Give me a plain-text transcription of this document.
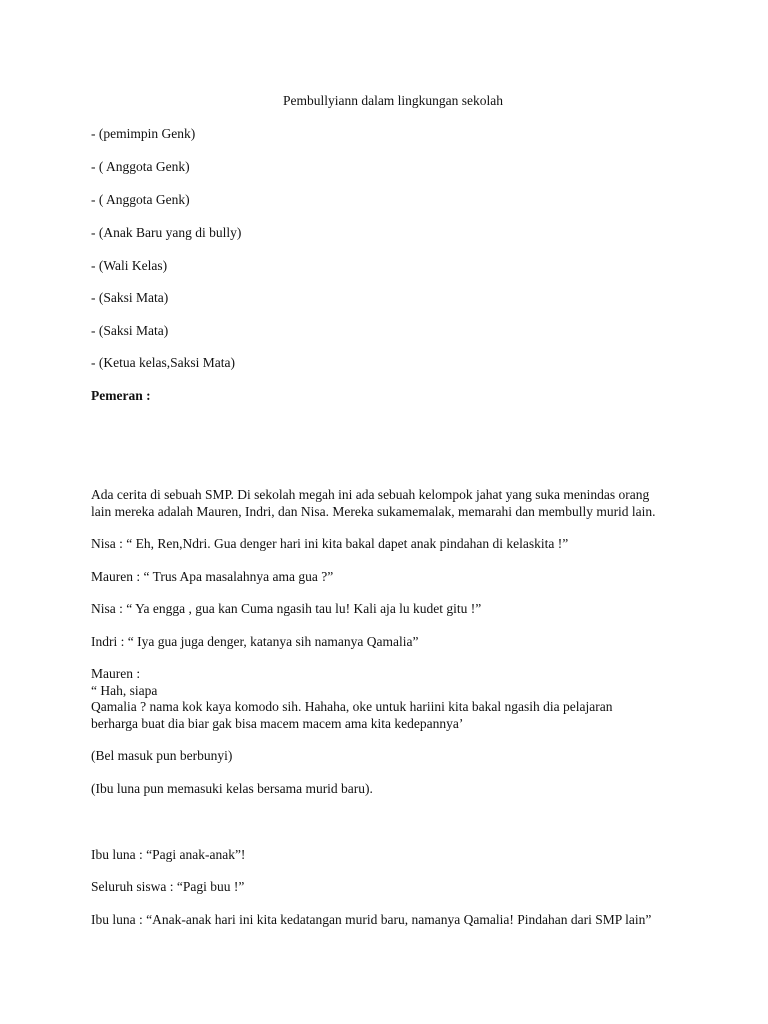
Pembullyiann dalam lingkungan sekolah
- (pemimpin Genk)
- ( Anggota Genk)
- ( Anggota Genk)
- (Anak Baru yang di bully)
- (Wali Kelas)
- (Saksi Mata)
- (Saksi Mata)
- (Ketua kelas,Saksi Mata)
Pemeran :
Ada cerita di sebuah SMP. Di sekolah megah ini ada sebuah kelompok jahat yang suka menindas orang
lain mereka adalah Mauren, Indri, dan Nisa. Mereka sukamemalak, memarahi dan membully murid lain.
Nisa : “ Eh, Ren,Ndri. Gua denger hari ini kita bakal dapet anak pindahan di kelaskita !”
Mauren : “ Trus Apa masalahnya ama gua ?”
Nisa : “ Ya engga , gua kan Cuma ngasih tau lu! Kali aja lu kudet gitu !”
Indri : “ Iya gua juga denger, katanya sih namanya Qamalia”
Mauren :
“ Hah, siapa
Qamalia ? nama kok kaya komodo sih. Hahaha, oke untuk hariini kita bakal ngasih dia pelajaran
berharga buat dia biar gak bisa macem macem ama kita kedepannya’
(Bel masuk pun berbunyi)
(Ibu luna pun memasuki kelas bersama murid baru).
Ibu luna : “Pagi anak-anak”!
Seluruh siswa : “Pagi buu !”
Ibu luna : “Anak-anak hari ini kita kedatangan murid baru, namanya Qamalia! Pindahan dari SMP lain”
